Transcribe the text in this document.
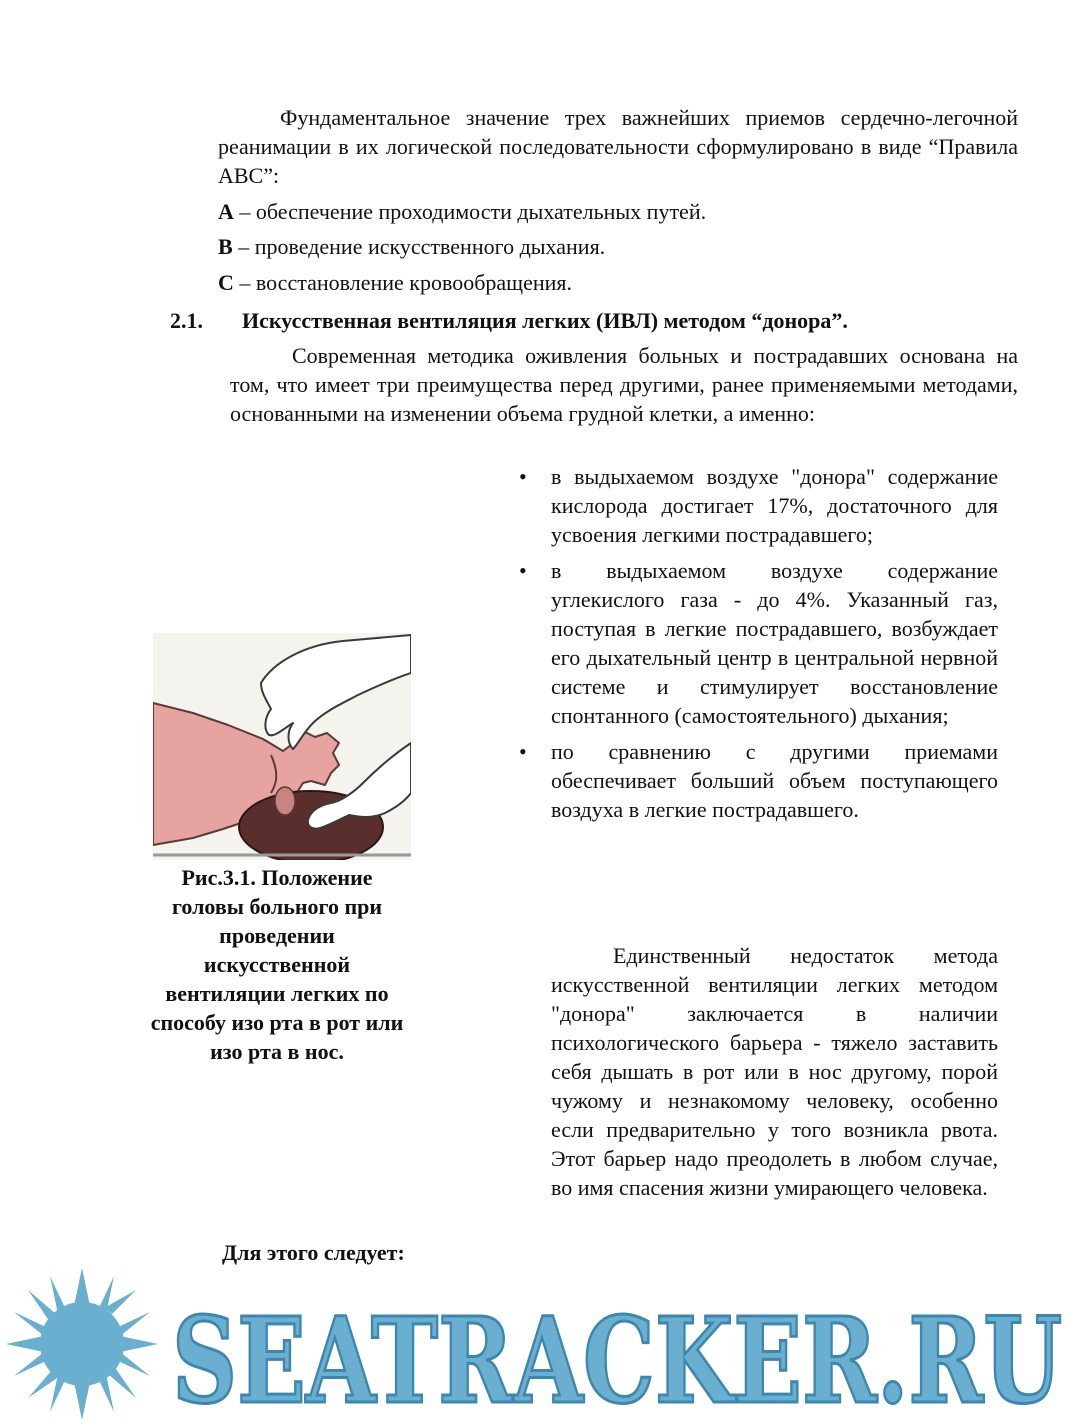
Фундаментальное значение трех важнейших приемов сердечно-легочной реанимации в их логической последовательности сформулировано в виде “Правила ABC”:
A – обеспечение проходимости дыхательных путей.
B – проведение искусственного дыхания.
C – восстановление кровообращения.
2.1. Искусственная вентиляция легких (ИВЛ) методом “донора”.
Современная методика оживления больных и пострадавших основана на том, что имеет три преимущества перед другими, ранее применяемыми методами, основанными на изменении объема грудной клетки, а именно:
• в выдыхаемом воздухе "донора" содержание кислорода достигает 17%, достаточного для усвоения легкими пострадавшего;
• в выдыхаемом воздухе содержание углекислого газа - до 4%. Указанный газ, поступая в легкие пострадавшего, возбуждает его дыхательный центр в центральной нервной системе и стимулирует восстановление спонтанного (самостоятельного) дыхания;
• по сравнению с другими приемами обеспечивает больший объем поступающего воздуха в легкие пострадавшего.
Единственный недостаток метода искусственной вентиляции легких методом "донора" заключается в наличии психологического барьера - тяжело заставить себя дышать в рот или в нос другому, порой чужому и незнакомому человеку, особенно если предварительно у того возникла рвота. Этот барьер надо преодолеть в любом случае, во имя спасения жизни умирающего человека.
Рис.3.1. Положение головы больного при проведении искусственной вентиляции легких по способу изо рта в рот или изо рта в нос.
Для этого следует:
SEATRACKER.RU
